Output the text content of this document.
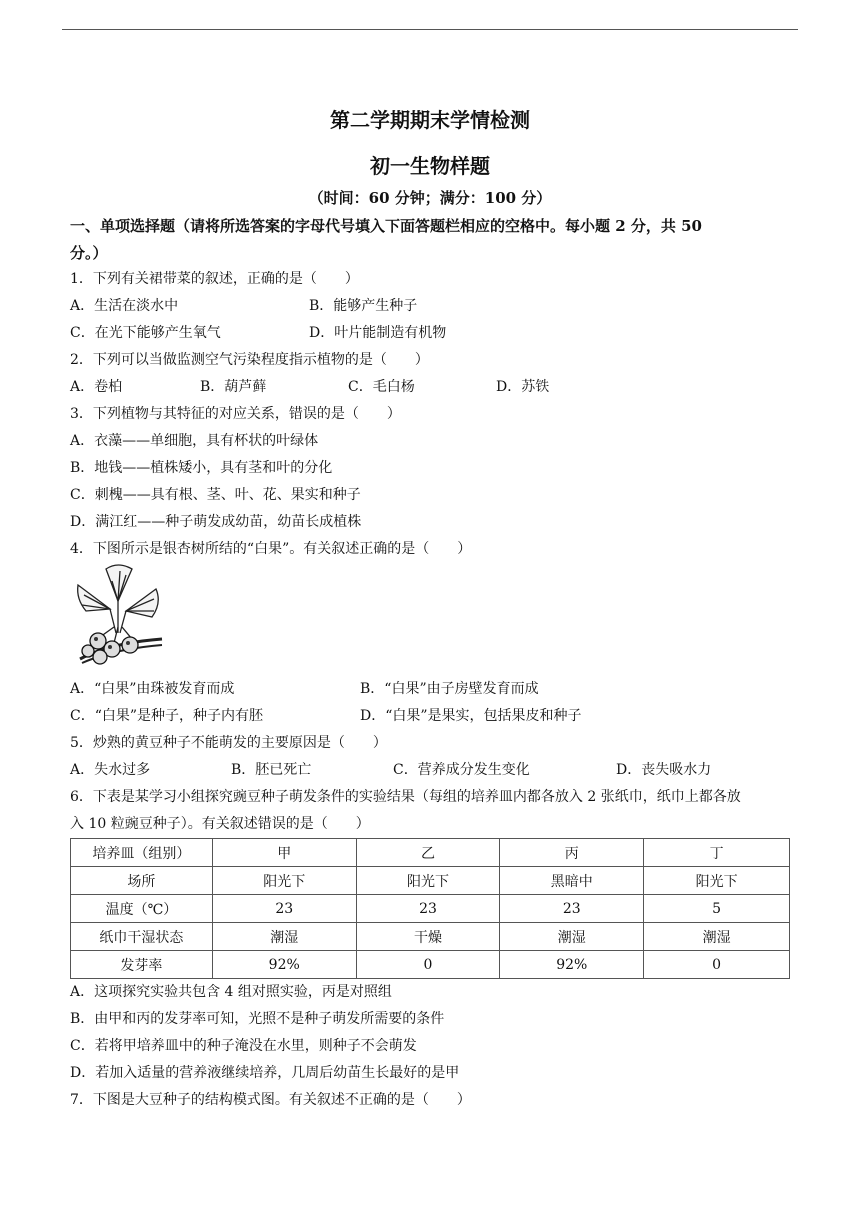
第二学期期末学情检测
初一生物样题
（时间：60 分钟；满分：100 分）
一、单项选择题（请将所选答案的字母代号填入下面答题栏相应的空格中。每小题 2 分，共 50
分。）
1．下列有关裙带菜的叙述，正确的是（　　）
A．生活在淡水中	B．能够产生种子
C．在光下能够产生氧气	D．叶片能制造有机物
2．下列可以当做监测空气污染程度指示植物的是（　　）
A．卷柏	B．葫芦藓	C．毛白杨	D．苏铁
3．下列植物与其特征的对应关系，错误的是（　　）
A．衣藻——单细胞，具有杯状的叶绿体
B．地钱——植株矮小，具有茎和叶的分化
C．刺槐——具有根、茎、叶、花、果实和种子
D．满江红——种子萌发成幼苗，幼苗长成植株
4．下图所示是银杏树所结的“白果”。有关叙述正确的是（　　）
A．“白果”由珠被发育而成	B．“白果”由子房壁发育而成
C．“白果”是种子，种子内有胚	D．“白果”是果实，包括果皮和种子
5．炒熟的黄豆种子不能萌发的主要原因是（　　）
A．失水过多	B．胚已死亡	C．营养成分发生变化	D．丧失吸水力
6．下表是某学习小组探究豌豆种子萌发条件的实验结果（每组的培养皿内都各放入 2 张纸巾，纸巾上都各放
入 10 粒豌豆种子）。有关叙述错误的是（　　）
培养皿（组别）	甲	乙	丙	丁
场所	阳光下	阳光下	黑暗中	阳光下
温度（℃）	23	23	23	5
纸巾干湿状态	潮湿	干燥	潮湿	潮湿
发芽率	92%	0	92%	0
A．这项探究实验共包含 4 组对照实验，丙是对照组
B．由甲和丙的发芽率可知，光照不是种子萌发所需要的条件
C．若将甲培养皿中的种子淹没在水里，则种子不会萌发
D．若加入适量的营养液继续培养，几周后幼苗生长最好的是甲
7．下图是大豆种子的结构模式图。有关叙述不正确的是（　　）
